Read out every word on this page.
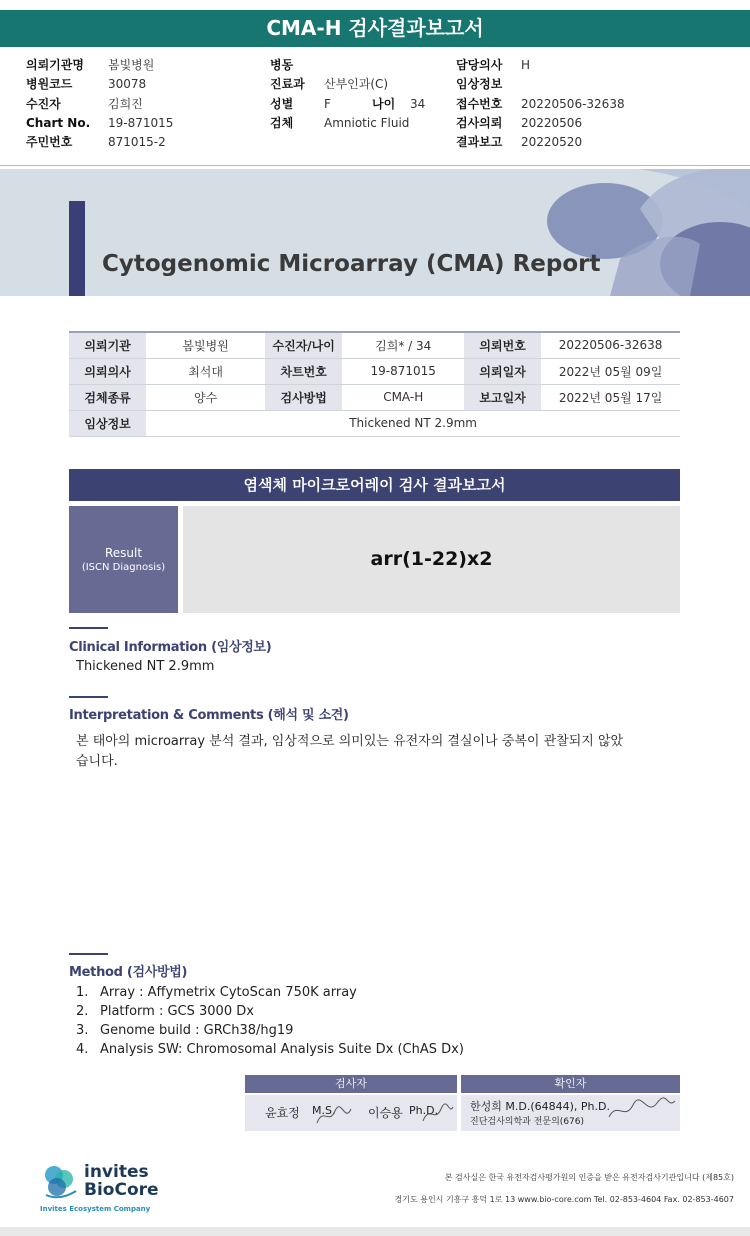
CMA-H 검사결과보고서
의뢰기관명	봄빛병원
병원코드	30078
수진자	김희진
Chart No.	19-871015
주민번호	871015-2
병동
진료과	산부인과(C)
성별	F	나이	34
검체	Amniotic Fluid
담당의사	H
임상정보
접수번호	20220506-32638
검사의뢰	20220506
결과보고	20220520
Cytogenomic Microarray (CMA) Report
의뢰기관	봄빛병원	수진자/나이	김희* / 34	의뢰번호	20220506-32638
의뢰의사	최석대	차트번호	19-871015	의뢰일자	2022년 05월 09일
검체종류	양수	검사방법	CMA-H	보고일자	2022년 05월 17일
임상정보	Thickened NT 2.9mm				
염색체 마이크로어레이 검사 결과보고서
Result
(ISCN Diagnosis)	arr(1-22)x2
Clinical Information (임상정보)
Thickened NT 2.9mm
Interpretation & Comments (해석 및 소견)
본 태아의 microarray 분석 결과, 임상적으로 의미있는 유전자의 결실이나 중복이 관찰되지 않았
습니다.
Method (검사방법)
1. Array : Affymetrix CytoScan 750K array
2. Platform : GCS 3000 Dx
3. Genome build : GRCh38/hg19
4. Analysis SW: Chromosomal Analysis Suite Dx (ChAS Dx)
검사자	확인자
윤효정 M.S.	이승용 Ph.D.	한성희 M.D.(64844), Ph.D.
진단검사의학과 전문의(676)
invites
BioCore
Invites Ecosystem Company
본 검사실은 한국 유전자검사평가원의 인증을 받은 유전자검사기관입니다 (제85호)
경기도 용인시 기흥구 흥덕 1로 13 www.bio-core.com Tel. 02-853-4604 Fax. 02-853-4607
